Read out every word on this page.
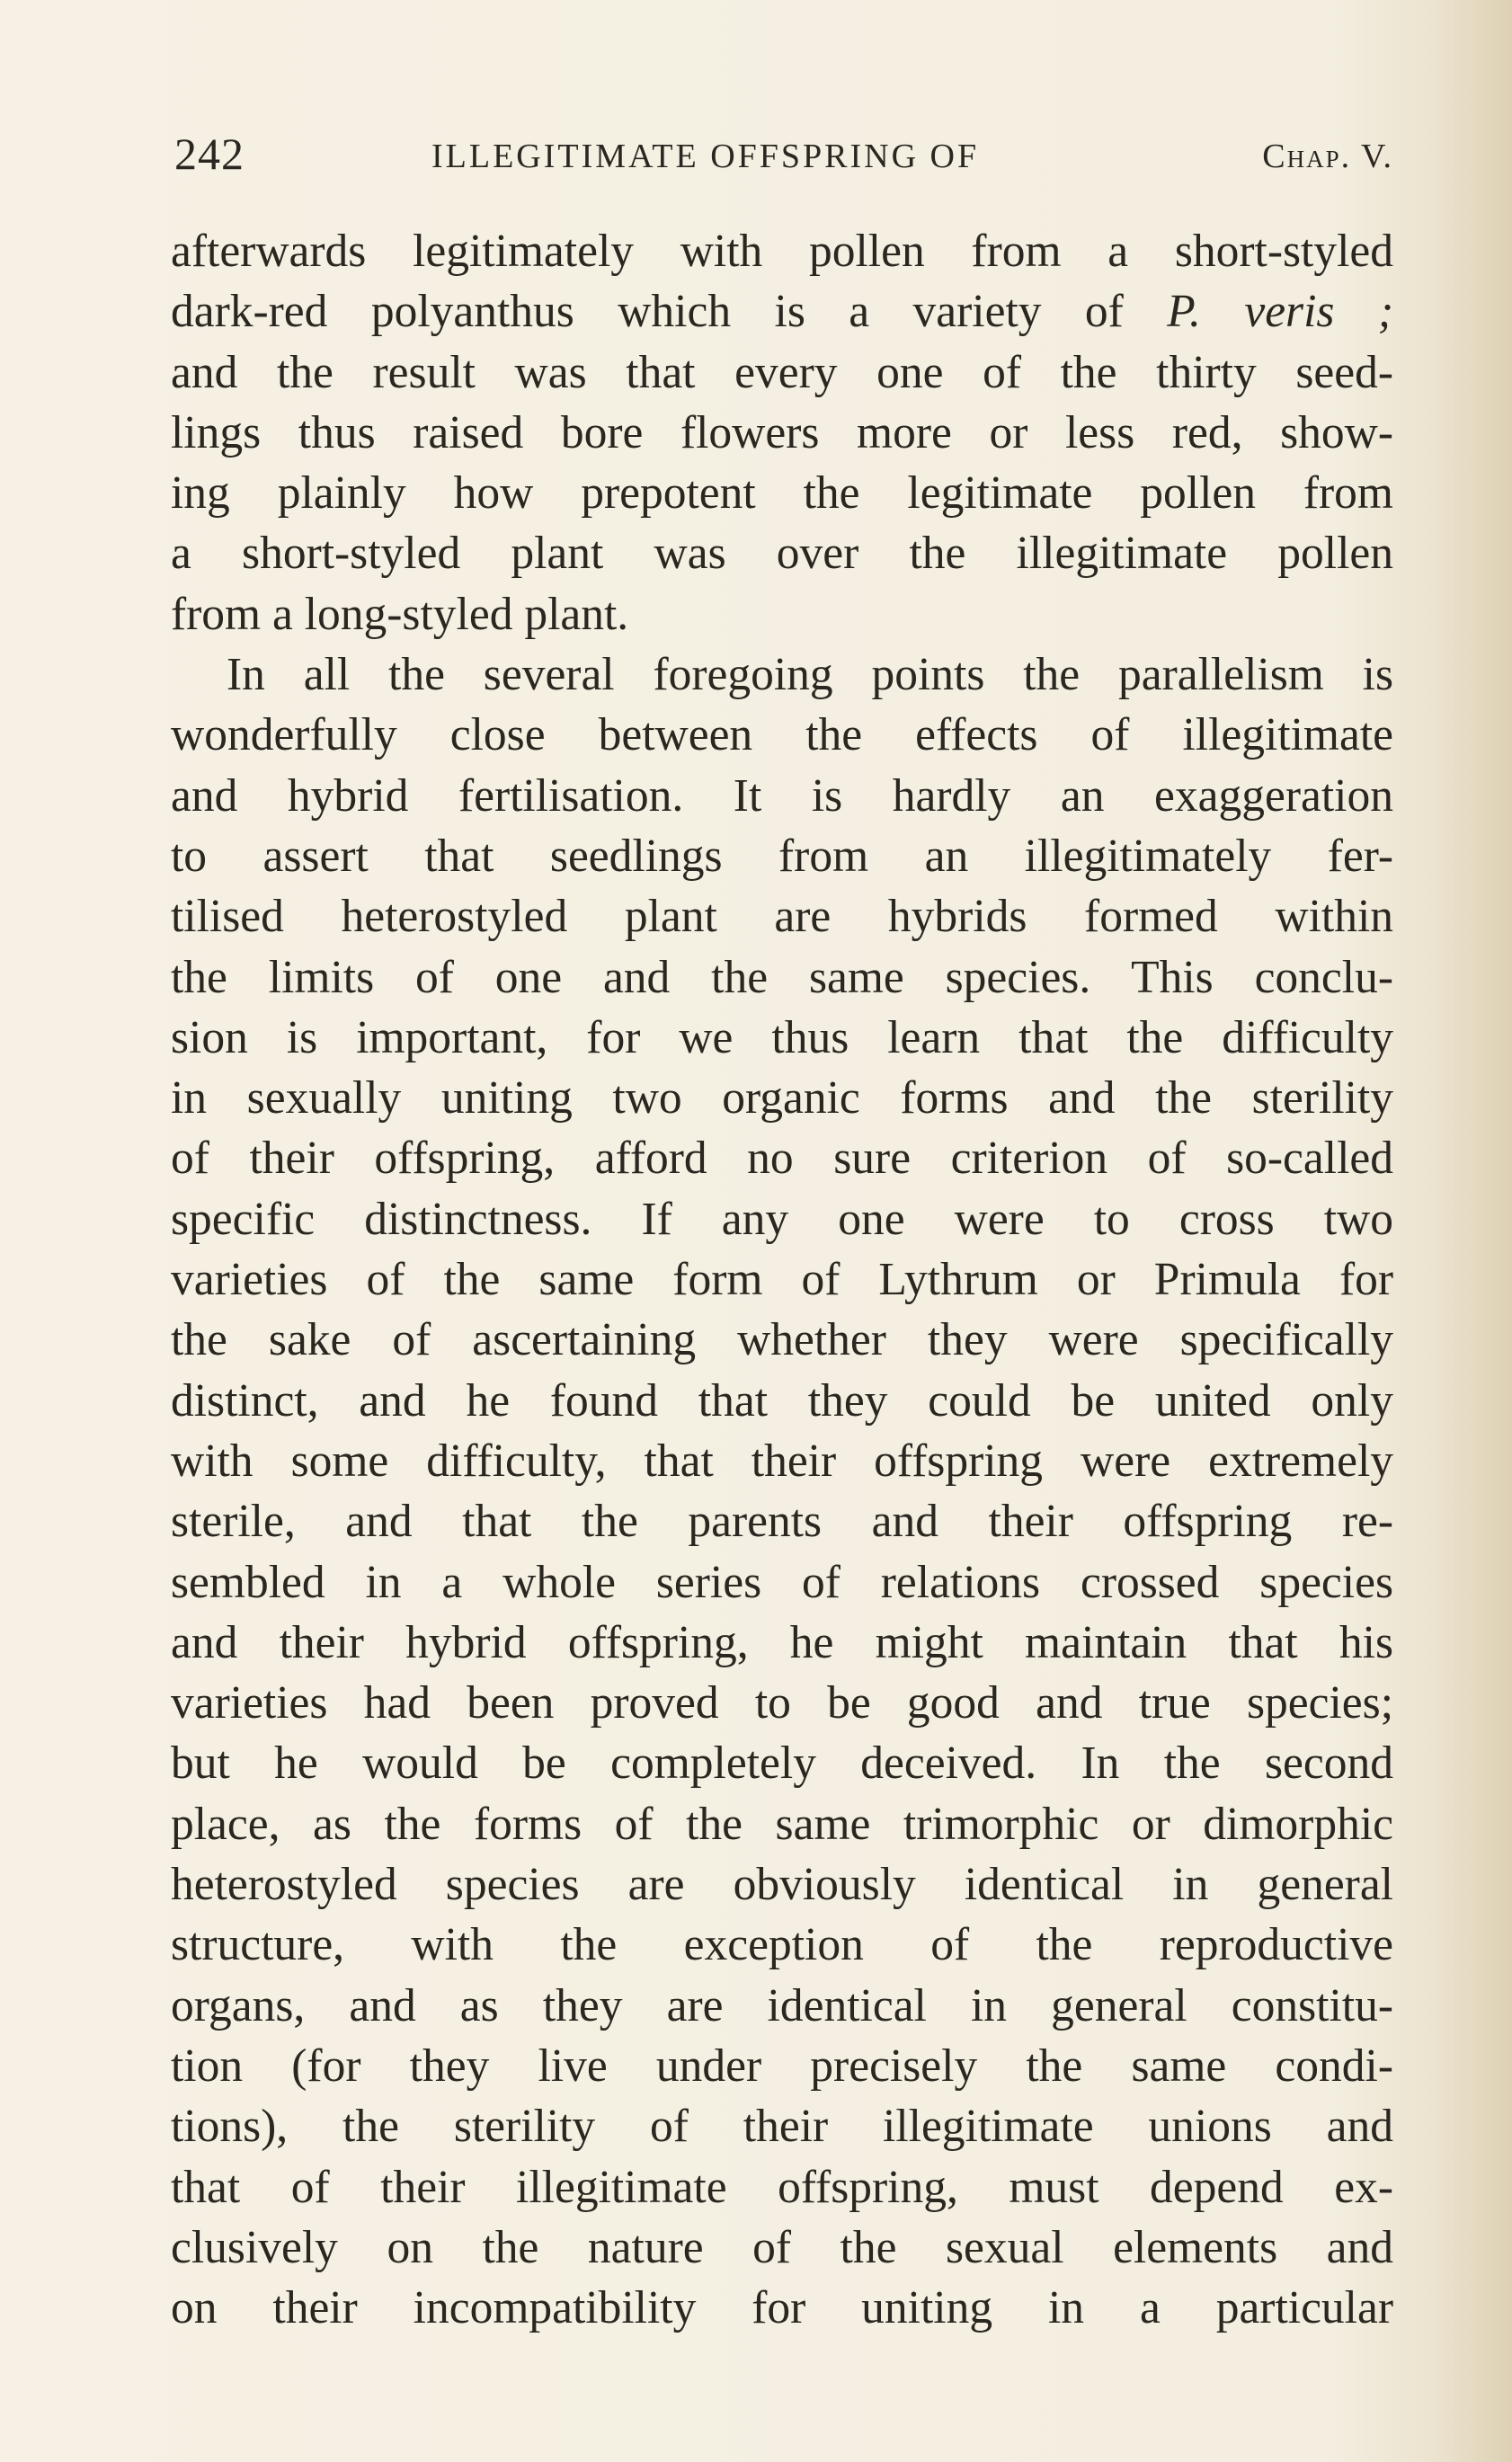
242	ILLEGITIMATE OFFSPRING OF	Chap. V.
afterwards legitimately with pollen from a short-styled
dark-red polyanthus which is a variety of P. veris ;
and the result was that every one of the thirty seed-
lings thus raised bore flowers more or less red, show-
ing plainly how prepotent the legitimate pollen from
a short-styled plant was over the illegitimate pollen
from a long-styled plant.
In all the several foregoing points the parallelism is
wonderfully close between the effects of illegitimate
and hybrid fertilisation. It is hardly an exaggeration
to assert that seedlings from an illegitimately fer-
tilised heterostyled plant are hybrids formed within
the limits of one and the same species. This conclu-
sion is important, for we thus learn that the difficulty
in sexually uniting two organic forms and the sterility
of their offspring, afford no sure criterion of so-called
specific distinctness. If any one were to cross two
varieties of the same form of Lythrum or Primula for
the sake of ascertaining whether they were specifically
distinct, and he found that they could be united only
with some difficulty, that their offspring were extremely
sterile, and that the parents and their offspring re-
sembled in a whole series of relations crossed species
and their hybrid offspring, he might maintain that his
varieties had been proved to be good and true species;
but he would be completely deceived. In the second
place, as the forms of the same trimorphic or dimorphic
heterostyled species are obviously identical in general
structure, with the exception of the reproductive
organs, and as they are identical in general constitu-
tion (for they live under precisely the same condi-
tions), the sterility of their illegitimate unions and
that of their illegitimate offspring, must depend ex-
clusively on the nature of the sexual elements and
on their incompatibility for uniting in a particular
